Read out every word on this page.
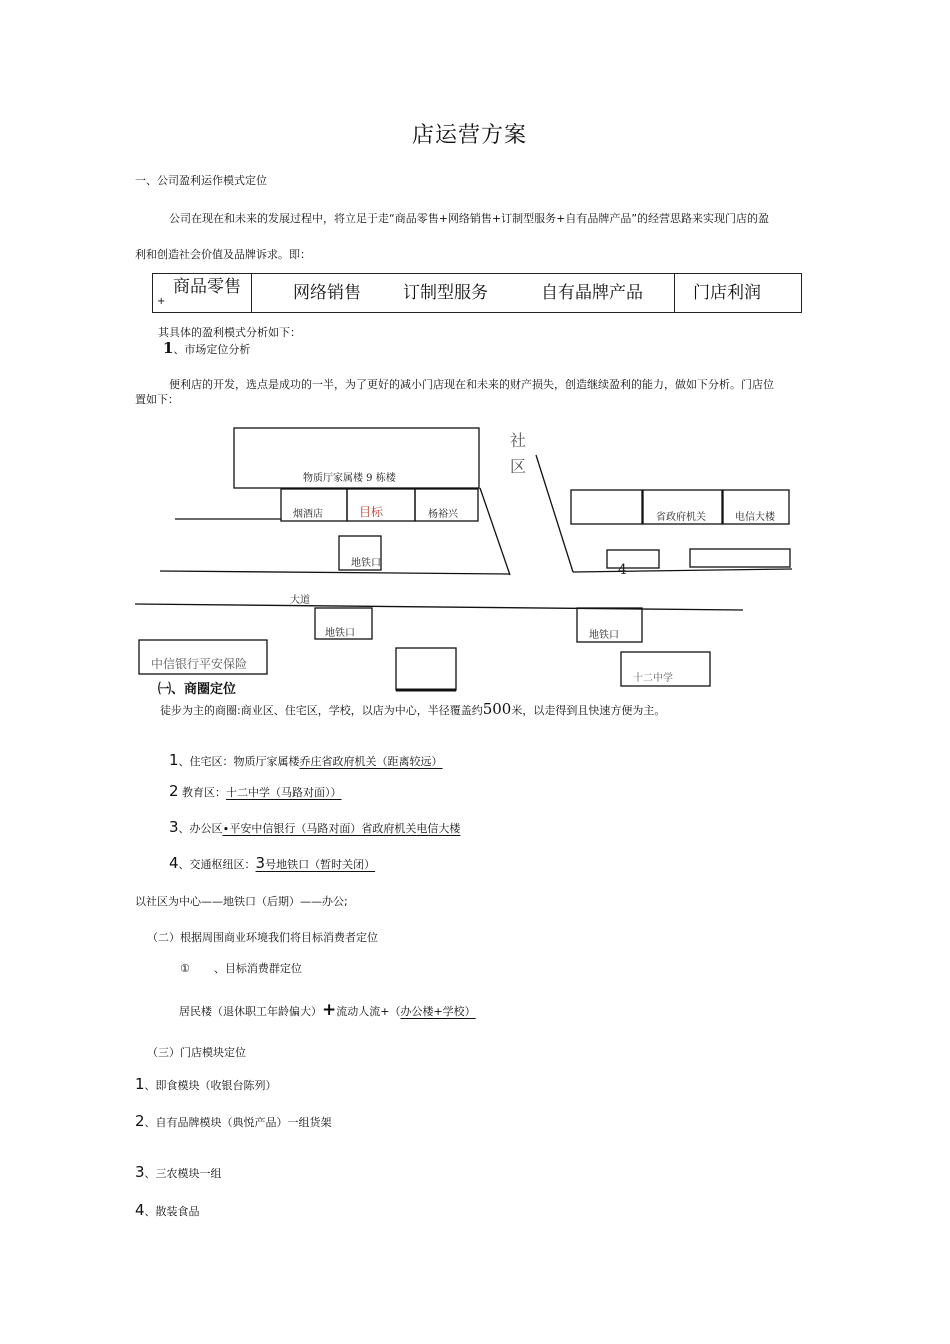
店运营方案
一、公司盈利运作模式定位
公司在现在和未来的发展过程中，将立足于走“商品零售+网络销售+订制型服务+自有品牌产品”的经营思路来实现门店的盈
利和创造社会价值及品牌诉求。即：
商品零售
+	网络销售 订制型服务	自有晶牌产品	门店利润
其具体的盈利模式分析如下：
1、市场定位分析
便利店的开发，选点是成功的一半，为了更好的减小门店现在和未来的财产损失，创造继续盈利的能力，做如下分析。门店位
置如下：
物质厅家属楼 9 栋楼
社
区
烟酒店	目标	杨裕兴
地铁口
省政府机关	电信大楼
4
大道
地铁口	地铁口
中信银行平安保险
十二中学
㈠、商圈定位
徒步为主的商圈:商业区、住宅区，学校，以店为中心，半径覆盖约500米，以走得到且快速方便为主。
1、住宅区：物质厅家属楼乔庄省政府机关（距离较远）
2 教育区：十二中学（马路对面））
3、办公区∙平安中信银行（马路对面）省政府机关电信大楼
4、交通枢纽区：3号地铁口（暂时关闭）
以社区为中心——地铁口（后期）——办公;
（二）根据周围商业环境我们将目标消费者定位
① 、目标消费群定位
居民楼（退休职工年龄偏大）+流动人流+（办公楼+学校）
（三）门店模块定位
1、即食模块（收银台陈列）
2、自有品牌模块（典悦产品）一组货架
3、三农模块一组
4、散装食品
